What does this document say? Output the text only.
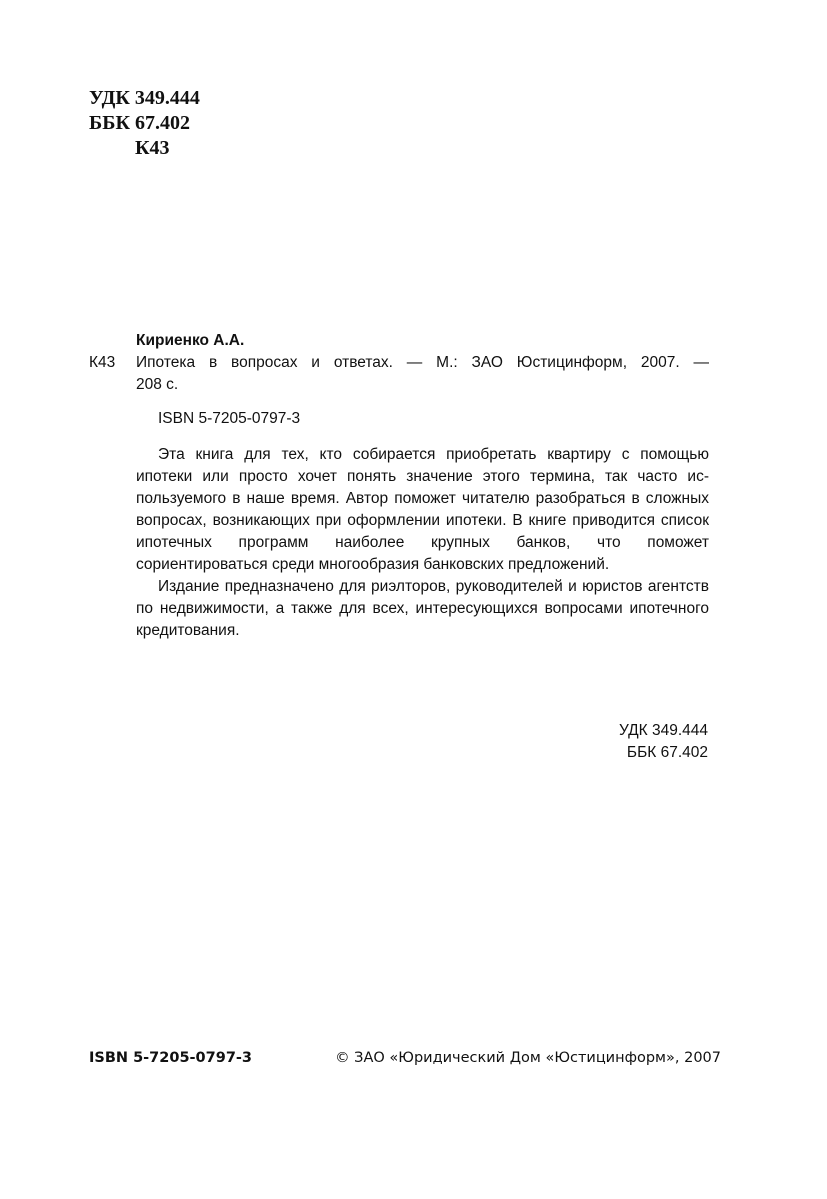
УДК 349.444
ББК 67.402
К43
Кириенко А.А.
К43	Ипотека в вопросах и ответах. — М.: ЗАО Юстицинформ, 2007. —
208 с.
ISBN 5-7205-0797-3

Эта книга для тех, кто собирается приобретать квартиру с помощью ипотеки или просто хочет понять значение этого термина, так часто используемого в наше время. Автор поможет читателю разобраться в сложных вопросах, возникающих при оформлении ипотеки. В книге приводится список ипотечных программ наиболее крупных банков, что поможет сориентироваться среди многообразия банковских предложений.

Издание предназначено для риэлторов, руководителей и юристов агентств по недвижимости, а также для всех, интересующихся вопросами ипотечного кредитования.

УДК 349.444
ББК 67.402
ISBN 5-7205-0797-3	© ЗАО «Юридический Дом «Юстицинформ», 2007
